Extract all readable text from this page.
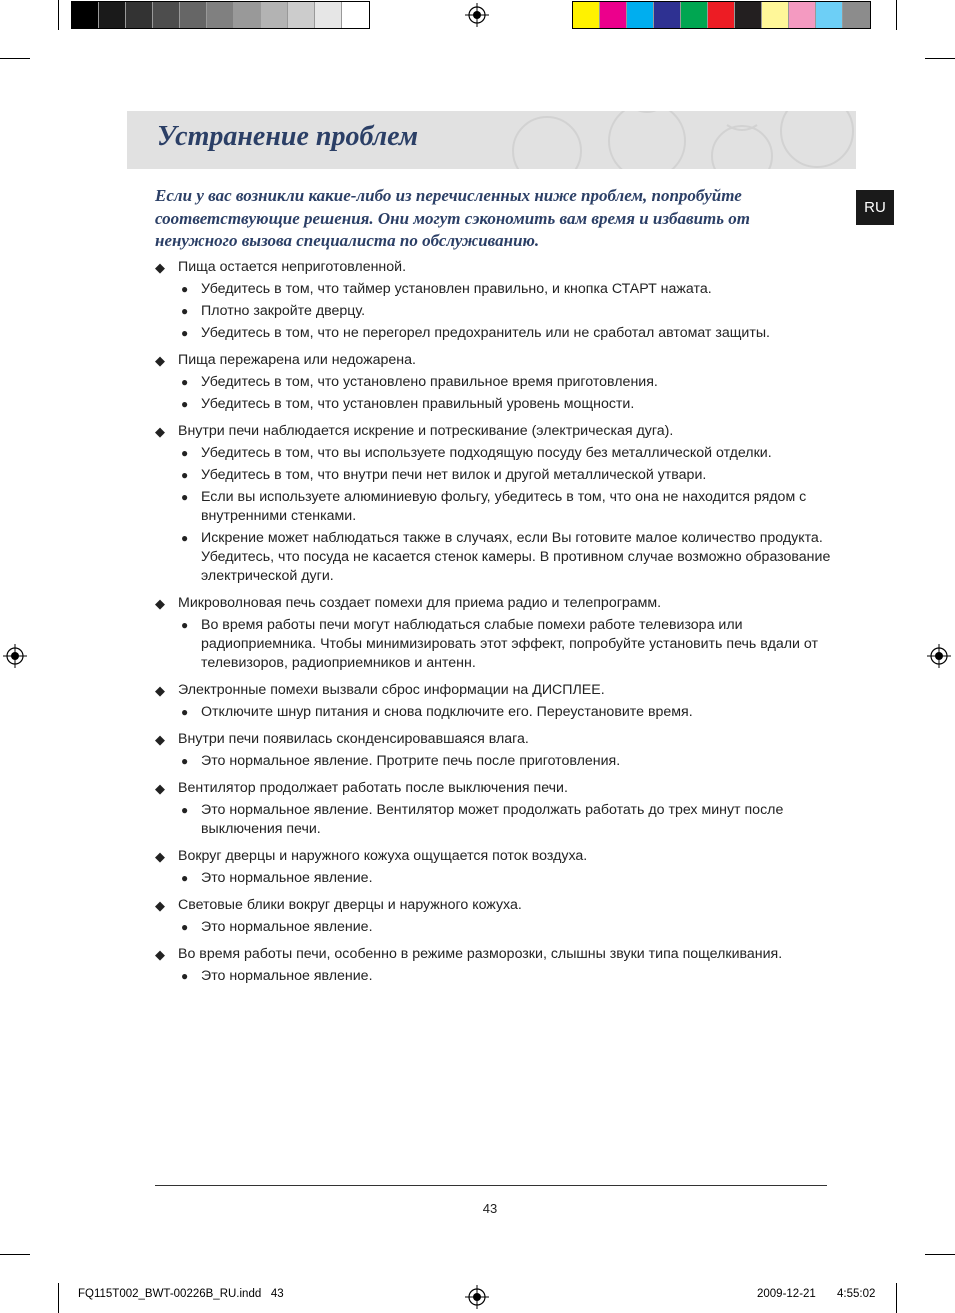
Устранение проблем
RU
Если у вас возникли какие-либо из перечисленных ниже проблем, попробуйте соответствующие решения. Они могут сэкономить вам время и избавить от ненужного вызова специалиста по обслуживанию.
◆ Пища остается неприготовленной.
● Убедитесь в том, что таймер установлен правильно, и кнопка СТАРТ нажата.
● Плотно закройте дверцу.
● Убедитесь в том, что не перегорел предохранитель или не сработал автомат защиты.
◆ Пища пережарена или недожарена.
● Убедитесь в том, что установлено правильное время приготовления.
● Убедитесь в том, что установлен правильный уровень мощности.
◆ Внутри печи наблюдается искрение и потрескивание (электрическая дуга).
● Убедитесь в том, что вы используете подходящую посуду без металлической отделки.
● Убедитесь в том, что внутри печи нет вилок и другой металлической утвари.
● Если вы используете алюминиевую фольгу, убедитесь в том, что она не находится рядом с внутренними стенками.
● Искрение может наблюдаться также в случаях, если Вы готовите малое количество продукта. Убедитесь, что посуда не касается стенок камеры. В противном случае возможно образование электрической дуги.
◆ Микроволновая печь создает помехи для приема радио и телепрограмм.
● Во время работы печи могут наблюдаться слабые помехи работе телевизора или радиоприемника. Чтобы минимизировать этот эффект, попробуйте установить печь вдали от телевизоров, радиоприемников и антенн.
◆ Электронные помехи вызвали сброс информации на ДИСПЛЕЕ.
● Отключите шнур питания и снова подключите его. Переустановите время.
◆ Внутри печи появилась сконденсировавшаяся влага.
● Это нормальное явление. Протрите печь после приготовления.
◆ Вентилятор продолжает работать после выключения печи.
● Это нормальное явление. Вентилятор может продолжать работать до трех минут после выключения печи.
◆ Вокруг дверцы и наружного кожуха ощущается поток воздуха.
● Это нормальное явление.
◆ Световые блики вокруг дверцы и наружного кожуха.
● Это нормальное явление.
◆ Во время работы печи, особенно в режиме разморозки, слышны звуки типа пощелкивания.
● Это нормальное явление.
43
FQ115T002_BWT-00226B_RU.indd   43	2009-12-21 4:55:02
